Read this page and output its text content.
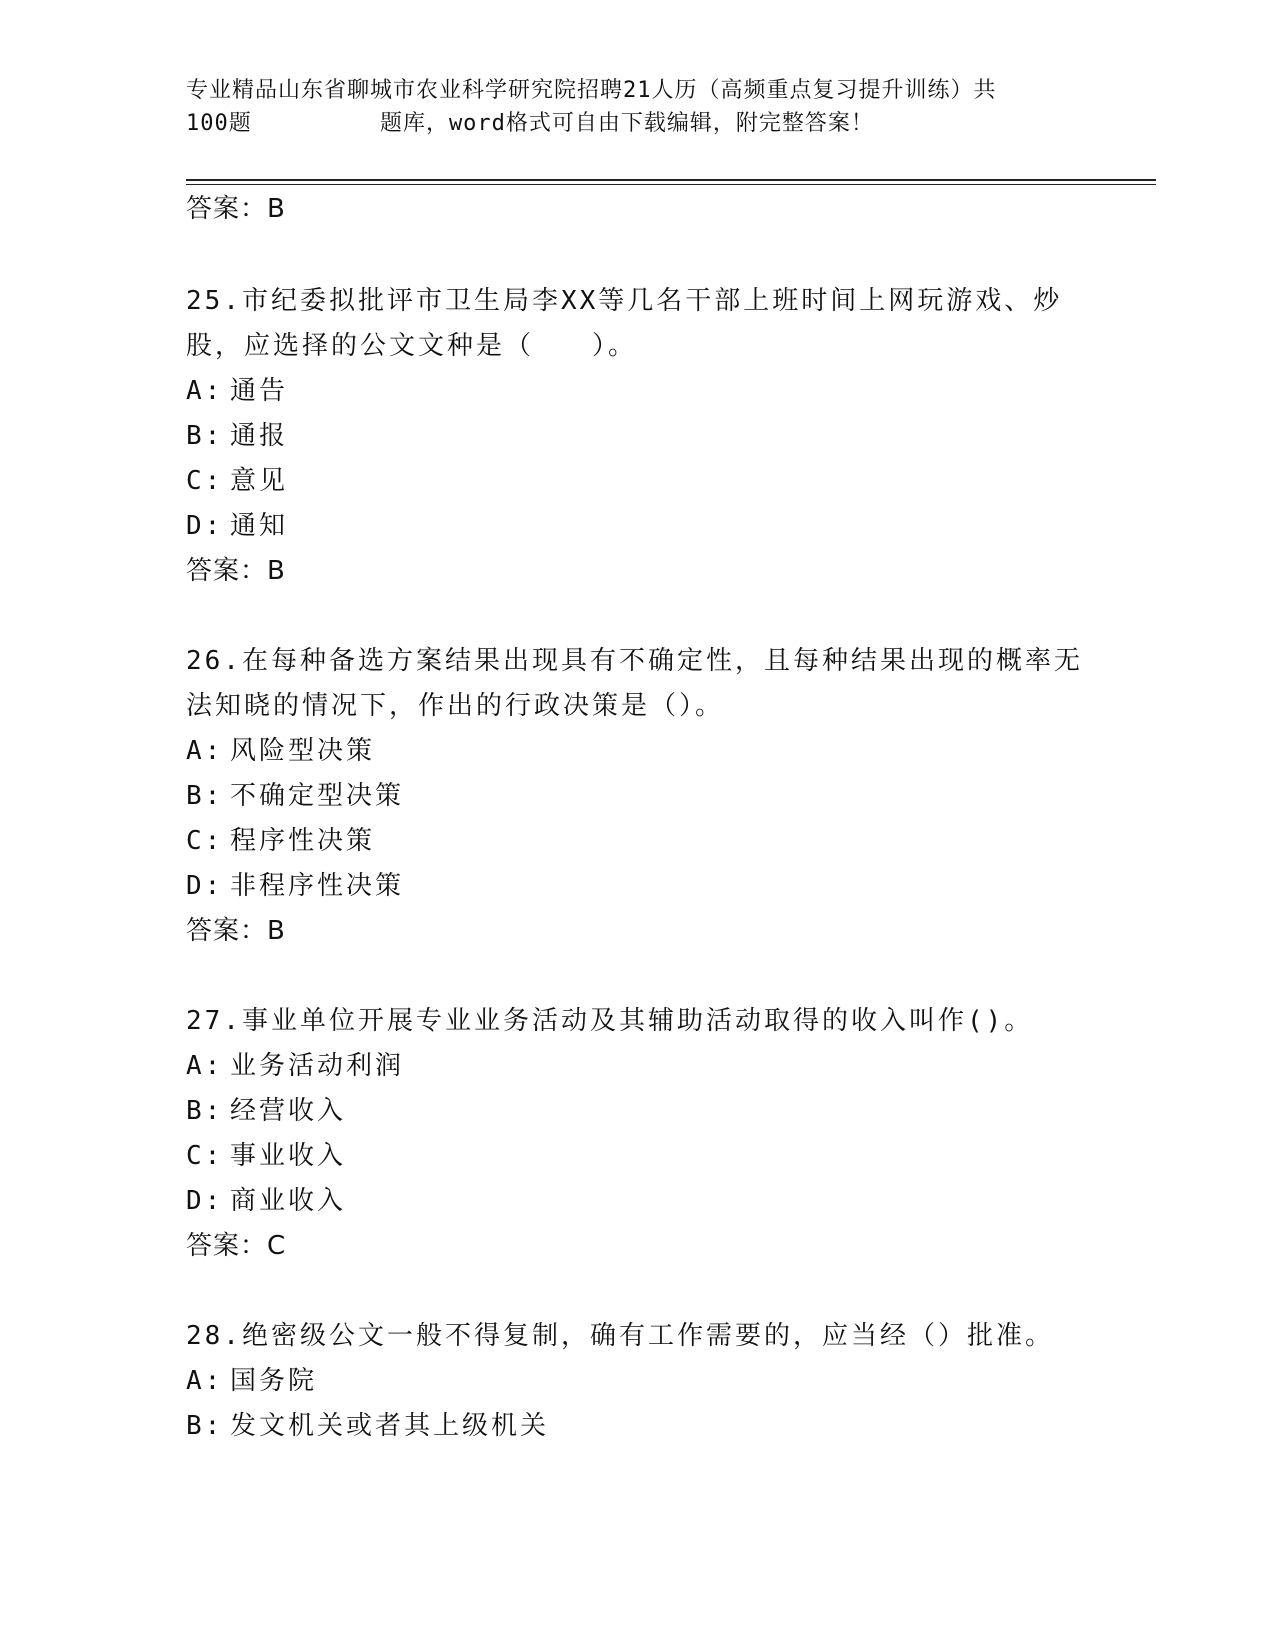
专业精品山东省聊城市农业科学研究院招聘21人历（高频重点复习提升训练）共
100题         题库，word格式可自由下载编辑，附完整答案！
答案：B
25.市纪委拟批评市卫生局李XX等几名干部上班时间上网玩游戏、炒股，应选择的公文文种是（　　）。
A: 通告
B: 通报
C: 意见
D: 通知
答案：B
26.在每种备选方案结果出现具有不确定性，且每种结果出现的概率无法知晓的情况下，作出的行政决策是（）。
A: 风险型决策
B: 不确定型决策
C: 程序性决策
D: 非程序性决策
答案：B
27.事业单位开展专业业务活动及其辅助活动取得的收入叫作()。
A: 业务活动利润
B: 经营收入
C: 事业收入
D: 商业收入
答案：C
28.绝密级公文一般不得复制，确有工作需要的，应当经（）批准。
A: 国务院
B: 发文机关或者其上级机关
